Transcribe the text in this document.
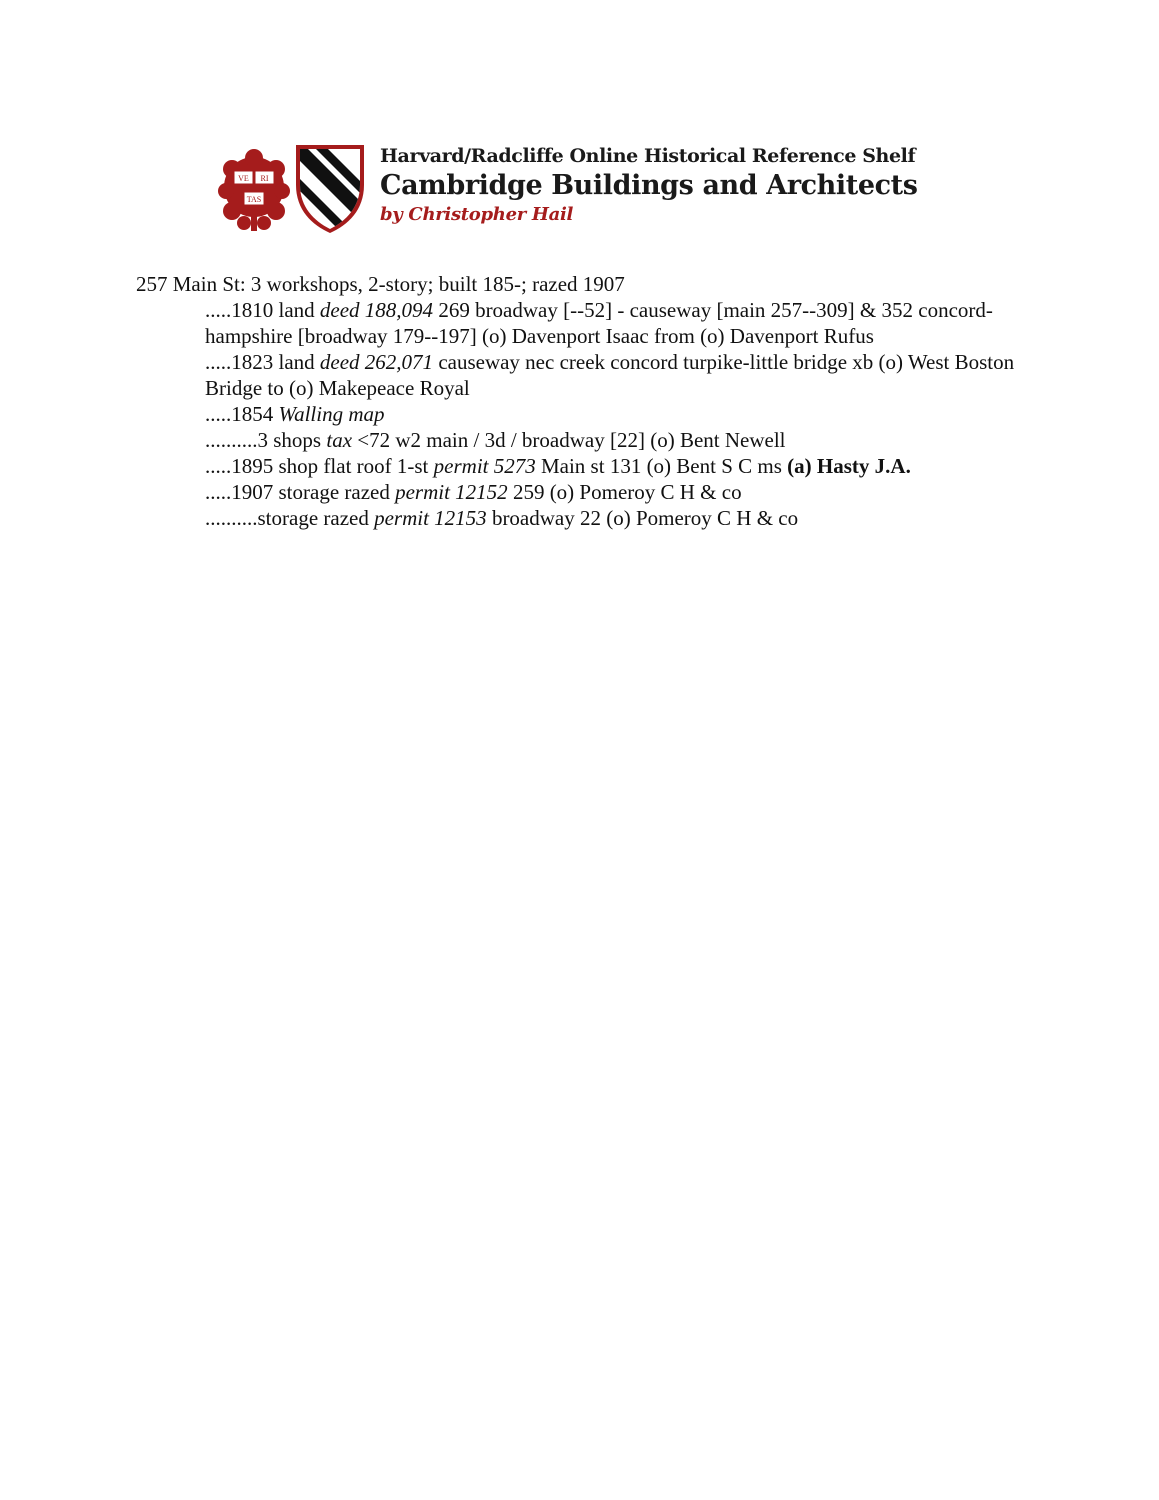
VE RI
TAS
Harvard/Radcliffe Online Historical Reference Shelf
Cambridge Buildings and Architects
by Christopher Hail

257 Main St: 3 workshops, 2-story; built 185-; razed 1907

.....1810 land deed 188,094 269 broadway [--52] - causeway [main 257--309] & 352 concord-hampshire [broadway 179--197] (o) Davenport Isaac from (o) Davenport Rufus

.....1823 land deed 262,071 causeway nec creek concord turpike-little bridge xb (o) West Boston Bridge to (o) Makepeace Royal

.....1854 Walling map

..........3 shops tax <72 w2 main / 3d / broadway [22] (o) Bent Newell

.....1895 shop flat roof 1-st permit 5273 Main st 131 (o) Bent S C ms (a) Hasty J.A.

.....1907 storage razed permit 12152 259 (o) Pomeroy C H & co

..........storage razed permit 12153 broadway 22 (o) Pomeroy C H & co
